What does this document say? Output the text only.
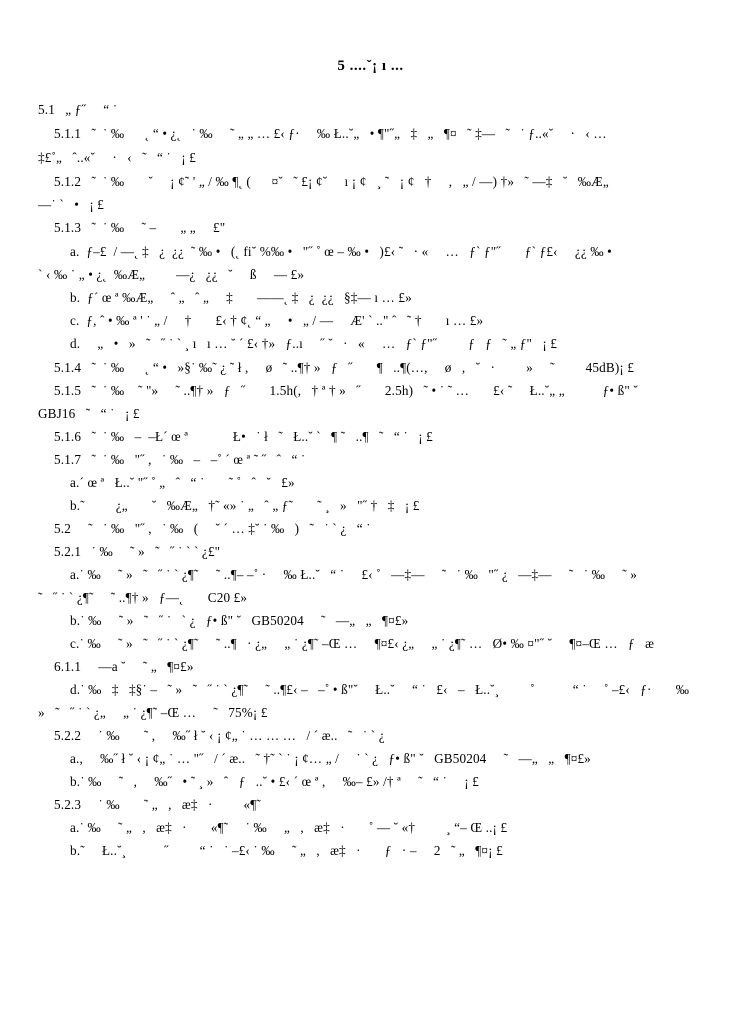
5 ....ˇ¡ ı ...
5.1   „ ƒ˝     “ ˙
5.1.1   ˜  ˙ ‰      ˛ “ • ¿˛   ˙ ‰     ˜ „ „ … £‹ ƒ·     ‰ Ł..˘„   • ¶"˝„   ‡   „   ¶¤   ˜ ‡—   ˜   ˙ ƒ..«˘     ·   ‹ …
‡£˚„   ˆ..«˘     ·   ‹   ˜   “ ˙   ¡ £
5.1.2   ˜  ˙ ‰       ˘     ¡ ¢˜ ' „ / ‰ ¶˛ (      ¤˘   ˜ £¡ ¢˘     ı ¡ ¢   ¸ ˜   ¡ ¢   †     ,   „ / —) †»   ˜ —‡   ˘   ‰Æ„
—˙ `   •   ¡ £
5.1.3   ˜  ˙ ‰     ˜ –       „ „     £"
a.  ƒ–£  / —˛ ‡   ¿  ¿¿  ˜ ‰ •   (˛ fi˘ %‰ •   "˝ ˚ œ – ‰ •   )£‹ ˜   · «     …   ƒ` ƒ"˝       ƒ` ƒ£‹     ¿¿ ‰ •
` ‹ ‰ ˙ „ • ¿˛  ‰Æ„         —¿   ¿¿   ˘     ß     — £»
b.  ƒ´ œ ª ‰Æ„     ˆ „   ˆ „     ‡       ——˛ ‡   ¿  ¿¿   §‡— ı … £»
c.  ƒ, ˆ • ‰ ª ' ˙ „ /     †       £‹ † ¢˛ “ „     •   „ / —     Æ' ` .." ˆ   ˜ †       ı … £»
d.     „   •   »   ˜   ˝ ˙ ` ¸ ı   ı … ˘ ´ £‹ †»   ƒ..ı     ˝ ˘   ·   «     …   ƒ` ƒ"˝         ƒ   ƒ   ˜ „ ƒ"   ¡ £
5.1.4   ˜  ˙ ‰      ˛ “ •   »§˙ ‰˜ ¿ ˜ ł ,     ø   ˜ ..¶† »   ƒ   ˝       ¶   ..¶(…,     ø   ,   ˘   ·         »     ˜         45dB)¡ £
5.1.5   ˜  ˙ ‰    ˜ "»     ˜ ..¶† »   ƒ   ˝       1.5h(,   † ª † »   ˝       2.5h)   ˜ • ˙ ˜ …       £‹ ˜     Ł..˘„ „           ƒ• ß" ˘
GBJ16   ˜   “ ˙   ¡ £
5.1.6   ˜  ˙ ‰   –  –Ł´ œ ª             Ł•   ˙ ł   ˜   Ł..˘ `   ¶ ˜   ..¶   ˜   “ ˙   ¡ £
5.1.7   ˜  ˙ ‰   "˝ ,   ˙ ‰   –   –˚ ´ œ ª ˜ ˝   ˆ   “ ˙
a.´ œ ª   Ł..˘ "˝ ˚ „   ˆ   “ ˙       ˜ ˚   ˆ   ˘   £»
b.˜         ¿„       ˘   ‰Æ„   †˜ «» ˙ „   ˆ „ ƒ˜       ˜ ¸   »   "˝ †   ‡   ¡ £
5.2     ˜   ˙ ‰   "˝ ,   ˙ ‰   (     ˘ ´ … ‡˘ ˙ ‰   )   ˜   ˙ ` ¿   “ ˙
5.2.1   ˙ ‰     ˜ »   ˜   ˝ ˙ ` ` ¿£"
a.˙ ‰     ˜ »   ˜   ˝ ˙ ` ¿¶˜     ˜ ..¶– –˚ ·     ‰ Ł..˘   “ ˙     £‹ ˚   —‡—     ˜   ˙ ‰   "˝ ¿   —‡—     ˜   ˙ ‰     ˜ »
˜   ˝ ˙ ` ¿¶˜     ˜ ..¶† »   ƒ—˛       C20 £»
b.˙ ‰     ˜ »   ˜   ˝ ˙   ` ¿   ƒ• ß" ˘   GB50204     ˜   —„   „   ¶¤£»
c.˙ ‰     ˜ »   ˜   ˝ ˙ ` ¿¶˜     ˜ ..¶   · ¿„     „ ˙ ¿¶˜ –Œ …     ¶¤£‹ ¿„     „ ˙ ¿¶˜ …   Ø• ‰ ¤"˝ ˘     ¶¤–Œ …   ƒ   æ
6.1.1     —a ˘     ˜ „   ¶¤£»
d.˙ ‰   ‡   ‡§˙ –   ˜ »   ˜   ˝ ˙ ` ¿¶˜     ˜ ..¶£‹ –   –˚ • ß"˘     Ł..˘     “ ˙   £‹   –   Ł..˘¸         ˚           “ ˙     ˚ –£‹   ƒ·       ‰
»   ˜   ˝ ˙ ` ¿„     „ ˙ ¿¶˜ –Œ …     ˜   75%¡ £
5.2.2     ˙ ‰       ˜ ,     ‰˝ ł ˘ ‹ ¡ ¢„ ˙ … … …   / ´ æ..   ˜   ˙ ` ¿
a.,     ‰˝ ł ˘ ‹ ¡ ¢„ ˙ … "˝   / ´ æ..   ˜ †˜ ` ˙ ¡ ¢… „ /     ˙ ` ¿   ƒ• ß" ˘   GB50204     ˜   —„   „   ¶¤£»
b.˙ ‰     ˜   ,     ‰˝   • ˜ ¸ »   ˆ   ƒ   ..˘ • £‹ ´ œ ª ,     ‰– £» /† ª     ˜   “ ˙     ¡ £
5.2.3     ˙ ‰       ˜ „   ,   æ‡   ·         «¶˜
a.˙ ‰     ˜ „   ,   æ‡   ·       «¶˜     ˙ ‰     „   ,   æ‡   ·       ˚ — ˘ «†         ¸ “– Œ ..¡ £
b.˜     Ł..˘¸           ˝         “ ˙   ˙ –£‹ ˙ ‰     ˜ „   ,   æ‡   ·       ƒ   · –     2   ˜ „   ¶¤¡ £
